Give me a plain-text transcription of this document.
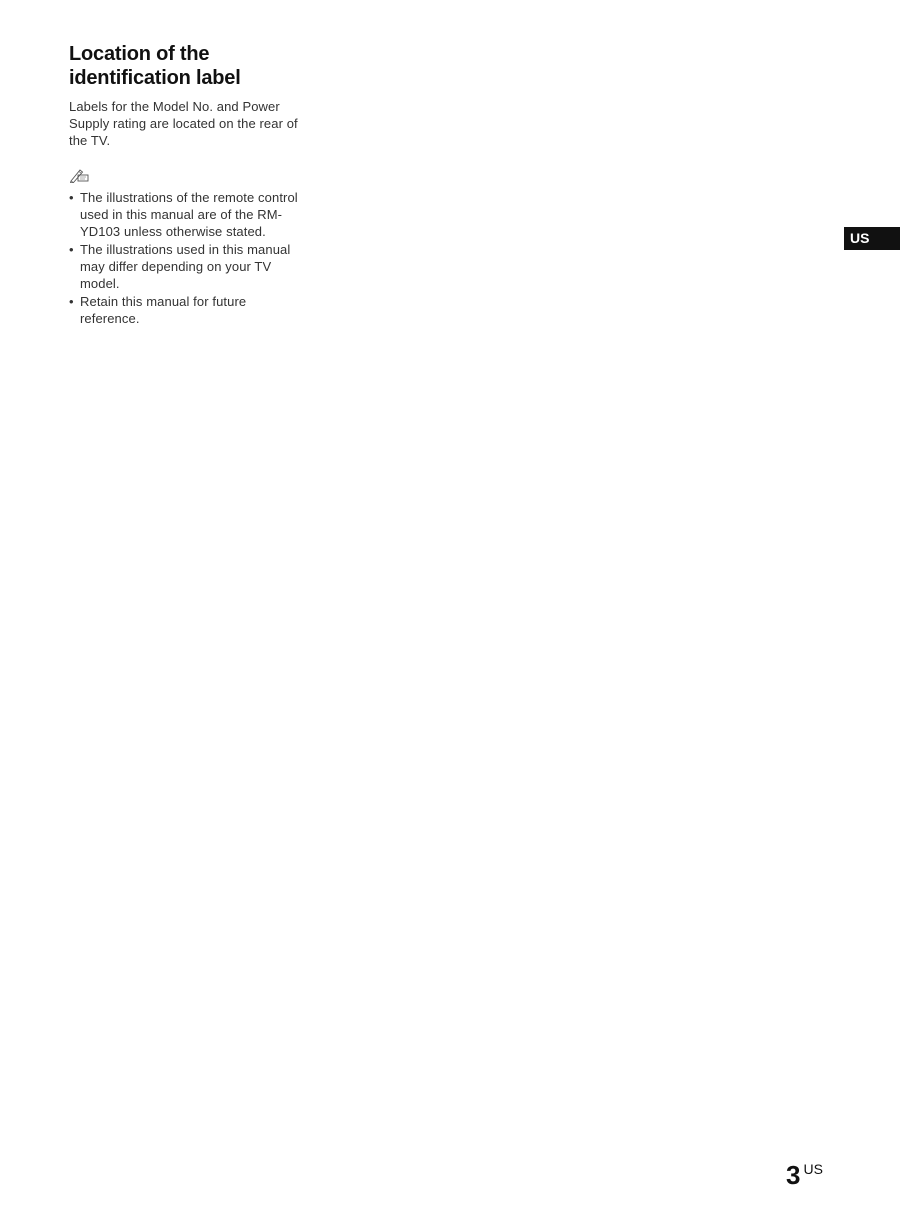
Location of the identification label

Labels for the Model No. and Power Supply rating are located on the rear of the TV.

• The illustrations of the remote control used in this manual are of the RM-YD103 unless otherwise stated.
• The illustrations used in this manual may differ depending on your TV model.
• Retain this manual for future reference.
US
3 US
